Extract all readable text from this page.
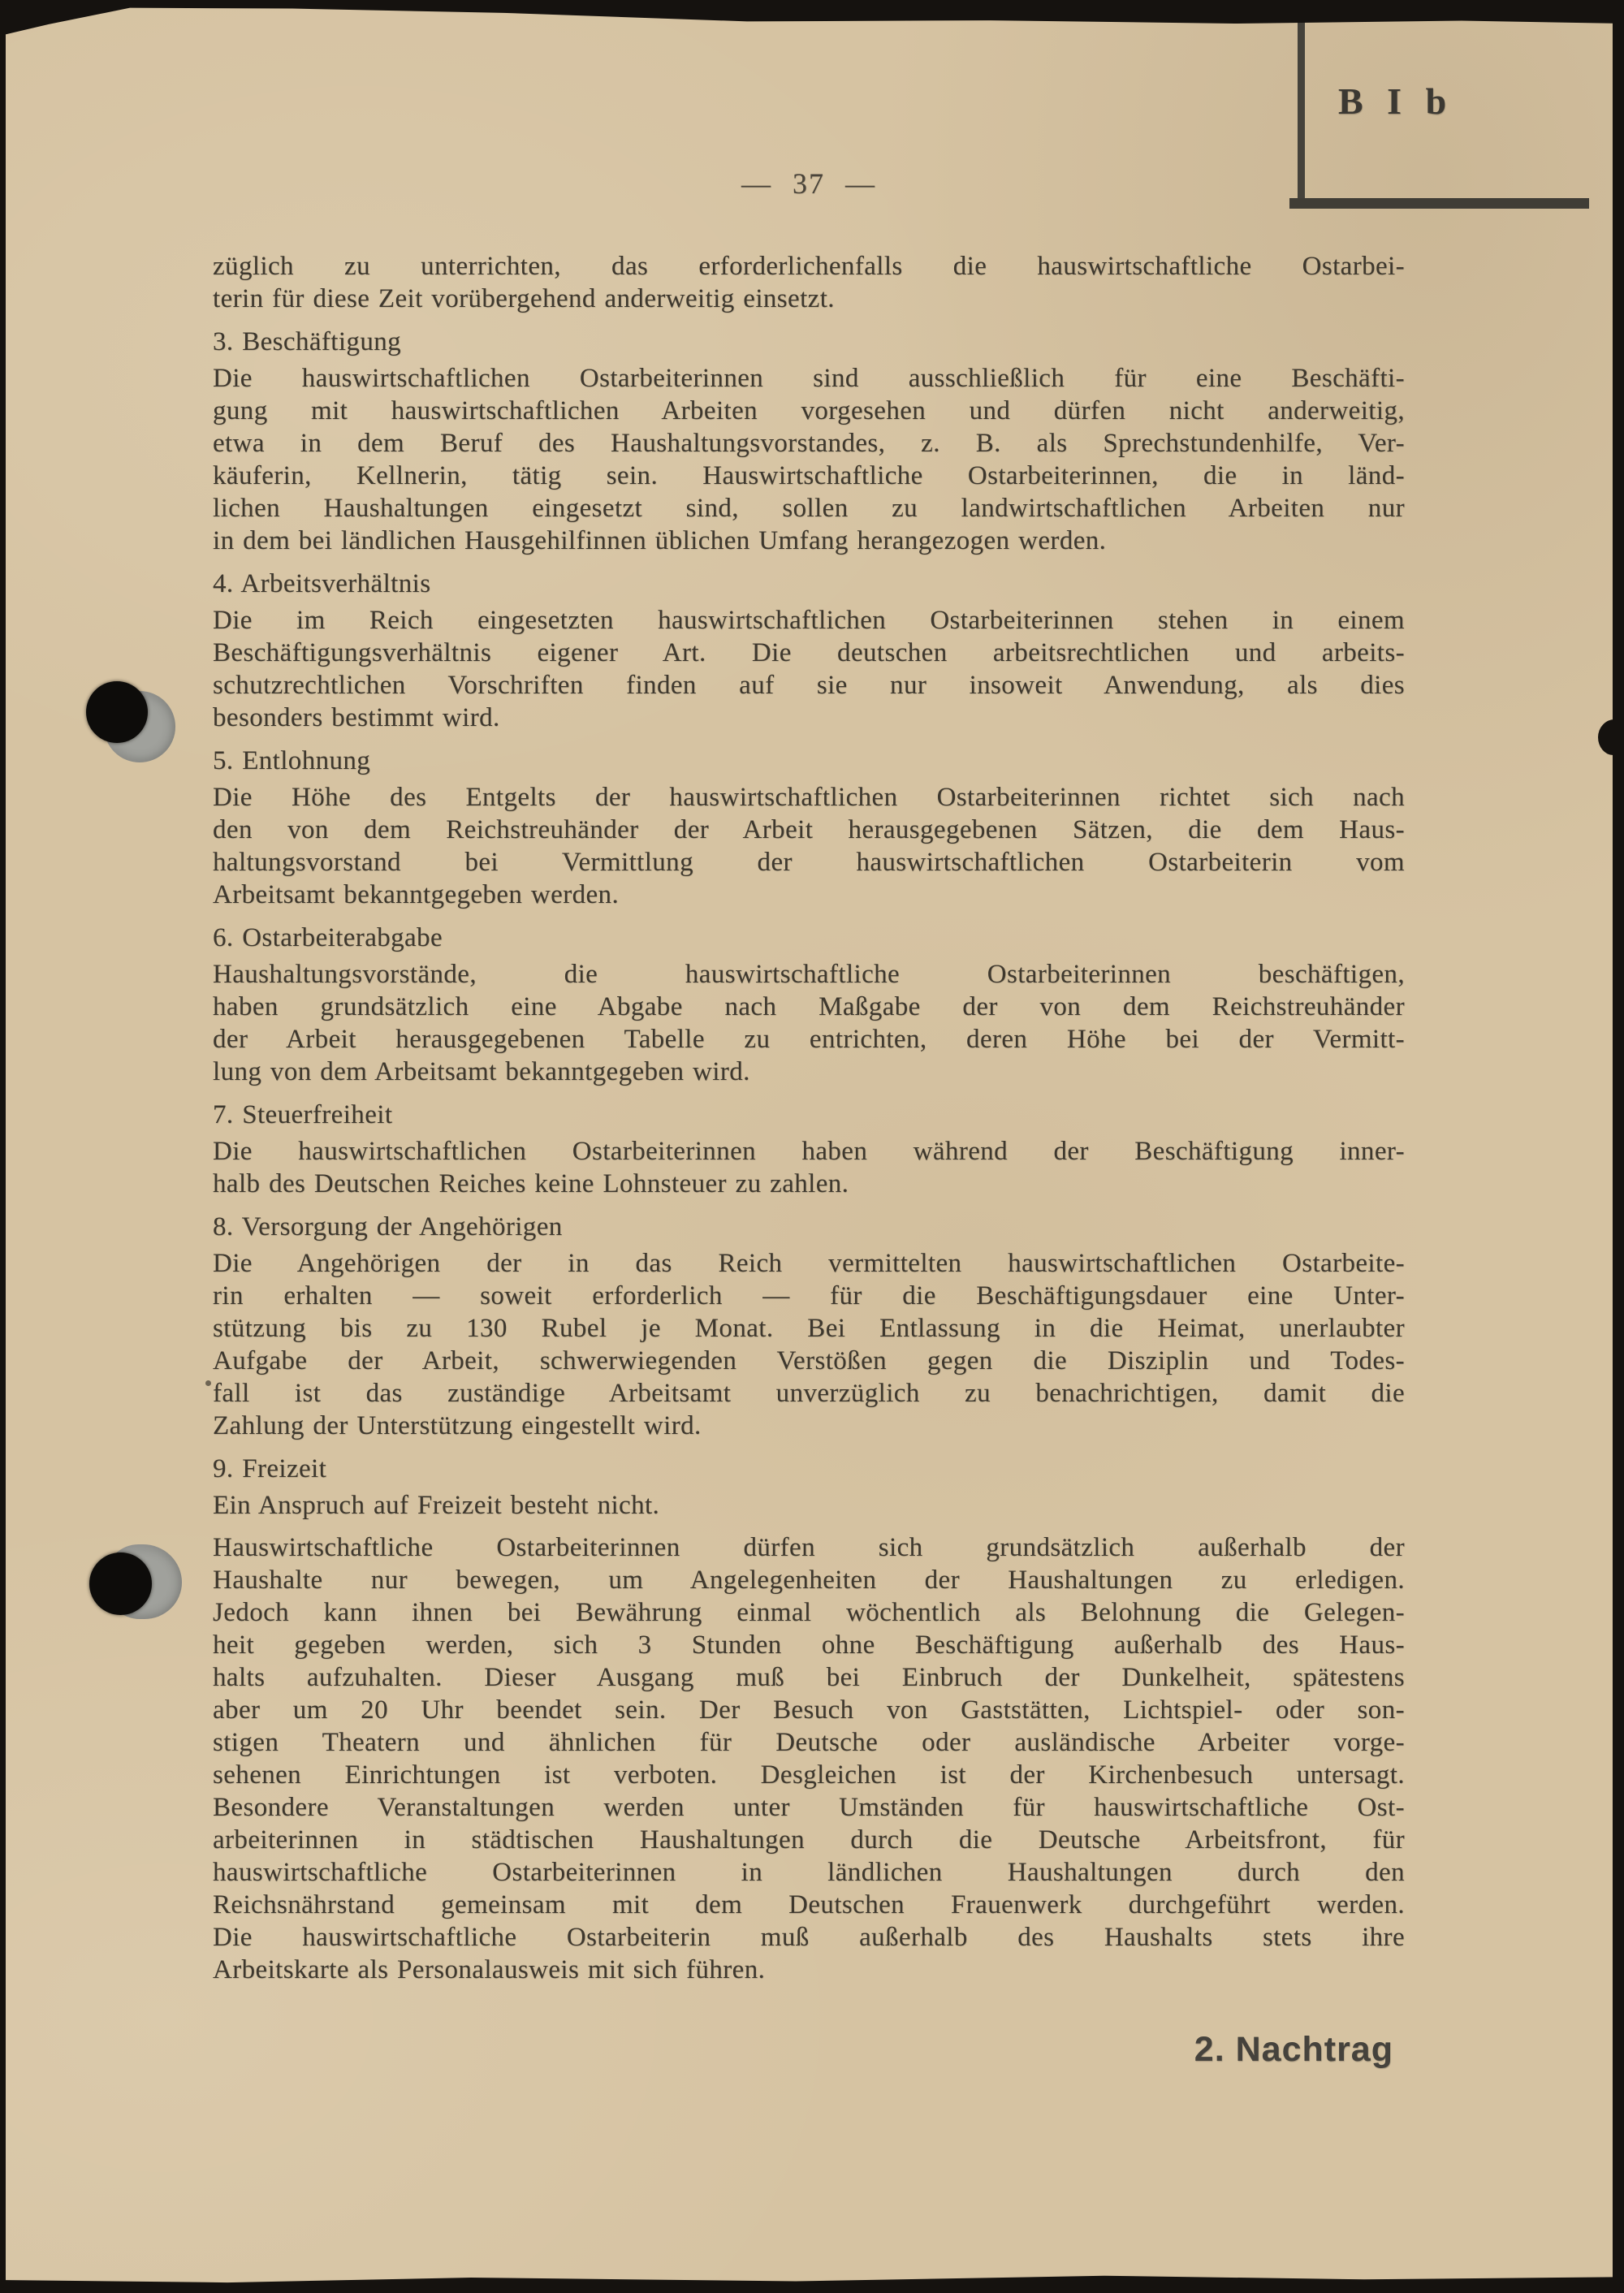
B I b
— 37 —
züglich zu unterrichten, das erforderlichenfalls die hauswirtschaftliche Ostarbei-
terin für diese Zeit vorübergehend anderweitig einsetzt.
3. Beschäftigung
Die hauswirtschaftlichen Ostarbeiterinnen sind ausschließlich für eine Beschäfti-
gung mit hauswirtschaftlichen Arbeiten vorgesehen und dürfen nicht anderweitig,
etwa in dem Beruf des Haushaltungsvorstandes, z. B. als Sprechstundenhilfe, Ver-
käuferin, Kellnerin, tätig sein. Hauswirtschaftliche Ostarbeiterinnen, die in länd-
lichen Haushaltungen eingesetzt sind, sollen zu landwirtschaftlichen Arbeiten nur
in dem bei ländlichen Hausgehilfinnen üblichen Umfang herangezogen werden.
4. Arbeitsverhältnis
Die im Reich eingesetzten hauswirtschaftlichen Ostarbeiterinnen stehen in einem
Beschäftigungsverhältnis eigener Art. Die deutschen arbeitsrechtlichen und arbeits-
schutzrechtlichen Vorschriften finden auf sie nur insoweit Anwendung, als dies
besonders bestimmt wird.
5. Entlohnung
Die Höhe des Entgelts der hauswirtschaftlichen Ostarbeiterinnen richtet sich nach
den von dem Reichstreuhänder der Arbeit herausgegebenen Sätzen, die dem Haus-
haltungsvorstand bei Vermittlung der hauswirtschaftlichen Ostarbeiterin vom
Arbeitsamt bekanntgegeben werden.
6. Ostarbeiterabgabe
Haushaltungsvorstände, die hauswirtschaftliche Ostarbeiterinnen beschäftigen,
haben grundsätzlich eine Abgabe nach Maßgabe der von dem Reichstreuhänder
der Arbeit herausgegebenen Tabelle zu entrichten, deren Höhe bei der Vermitt-
lung von dem Arbeitsamt bekanntgegeben wird.
7. Steuerfreiheit
Die hauswirtschaftlichen Ostarbeiterinnen haben während der Beschäftigung inner-
halb des Deutschen Reiches keine Lohnsteuer zu zahlen.
8. Versorgung der Angehörigen
Die Angehörigen der in das Reich vermittelten hauswirtschaftlichen Ostarbeite-
rin erhalten — soweit erforderlich — für die Beschäftigungsdauer eine Unter-
stützung bis zu 130 Rubel je Monat. Bei Entlassung in die Heimat, unerlaubter
Aufgabe der Arbeit, schwerwiegenden Verstößen gegen die Disziplin und Todes-
fall ist das zuständige Arbeitsamt unverzüglich zu benachrichtigen, damit die
Zahlung der Unterstützung eingestellt wird.
9. Freizeit
Ein Anspruch auf Freizeit besteht nicht.
Hauswirtschaftliche Ostarbeiterinnen dürfen sich grundsätzlich außerhalb der
Haushalte nur bewegen, um Angelegenheiten der Haushaltungen zu erledigen.
Jedoch kann ihnen bei Bewährung einmal wöchentlich als Belohnung die Gelegen-
heit gegeben werden, sich 3 Stunden ohne Beschäftigung außerhalb des Haus-
halts aufzuhalten. Dieser Ausgang muß bei Einbruch der Dunkelheit, spätestens
aber um 20 Uhr beendet sein. Der Besuch von Gaststätten, Lichtspiel- oder son-
stigen Theatern und ähnlichen für Deutsche oder ausländische Arbeiter vorge-
sehenen Einrichtungen ist verboten. Desgleichen ist der Kirchenbesuch untersagt.
Besondere Veranstaltungen werden unter Umständen für hauswirtschaftliche Ost-
arbeiterinnen in städtischen Haushaltungen durch die Deutsche Arbeitsfront, für
hauswirtschaftliche Ostarbeiterinnen in ländlichen Haushaltungen durch den
Reichsnährstand gemeinsam mit dem Deutschen Frauenwerk durchgeführt werden.
Die hauswirtschaftliche Ostarbeiterin muß außerhalb des Haushalts stets ihre
Arbeitskarte als Personalausweis mit sich führen.
2. Nachtrag
